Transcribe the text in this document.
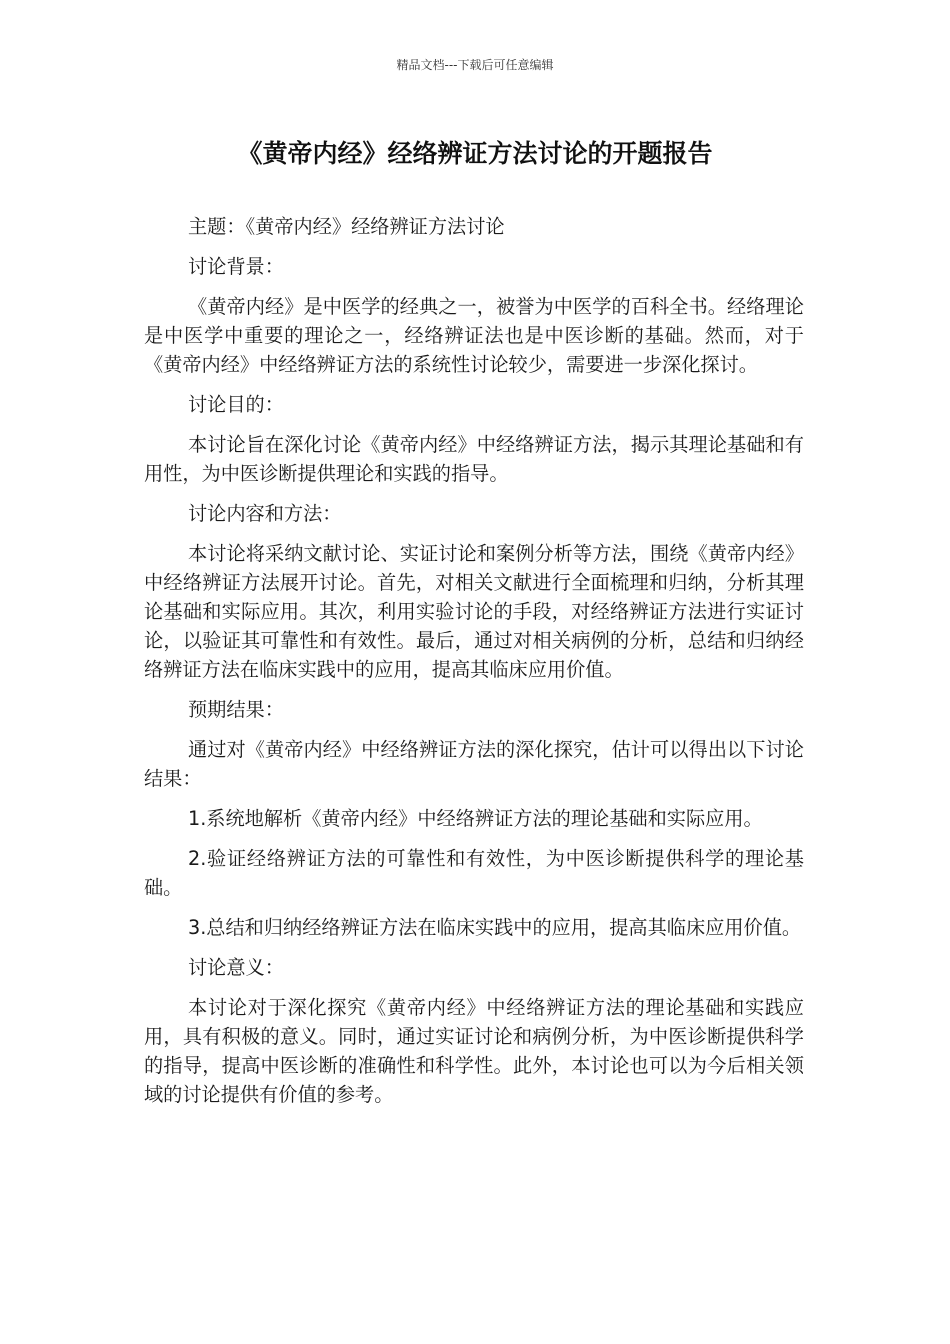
精品文档---下载后可任意编辑
《黄帝内经》经络辨证方法讨论的开题报告

主题：《黄帝内经》经络辨证方法讨论

讨论背景：

《黄帝内经》是中医学的经典之一，被誉为中医学的百科全书。经络理论是中医学中重要的理论之一，经络辨证法也是中医诊断的基础。然而，对于《黄帝内经》中经络辨证方法的系统性讨论较少，需要进一步深化探讨。

讨论目的：

本讨论旨在深化讨论《黄帝内经》中经络辨证方法，揭示其理论基础和有用性，为中医诊断提供理论和实践的指导。

讨论内容和方法：

本讨论将采纳文献讨论、实证讨论和案例分析等方法，围绕《黄帝内经》中经络辨证方法展开讨论。首先，对相关文献进行全面梳理和归纳，分析其理论基础和实际应用。其次，利用实验讨论的手段，对经络辨证方法进行实证讨论，以验证其可靠性和有效性。最后，通过对相关病例的分析，总结和归纳经络辨证方法在临床实践中的应用，提高其临床应用价值。

预期结果：

通过对《黄帝内经》中经络辨证方法的深化探究，估计可以得出以下讨论结果：

1.系统地解析《黄帝内经》中经络辨证方法的理论基础和实际应用。

2.验证经络辨证方法的可靠性和有效性，为中医诊断提供科学的理论基础。

3.总结和归纳经络辨证方法在临床实践中的应用，提高其临床应用价值。

讨论意义：

本讨论对于深化探究《黄帝内经》中经络辨证方法的理论基础和实践应用，具有积极的意义。同时，通过实证讨论和病例分析，为中医诊断提供科学的指导，提高中医诊断的准确性和科学性。此外，本讨论也可以为今后相关领域的讨论提供有价值的参考。
